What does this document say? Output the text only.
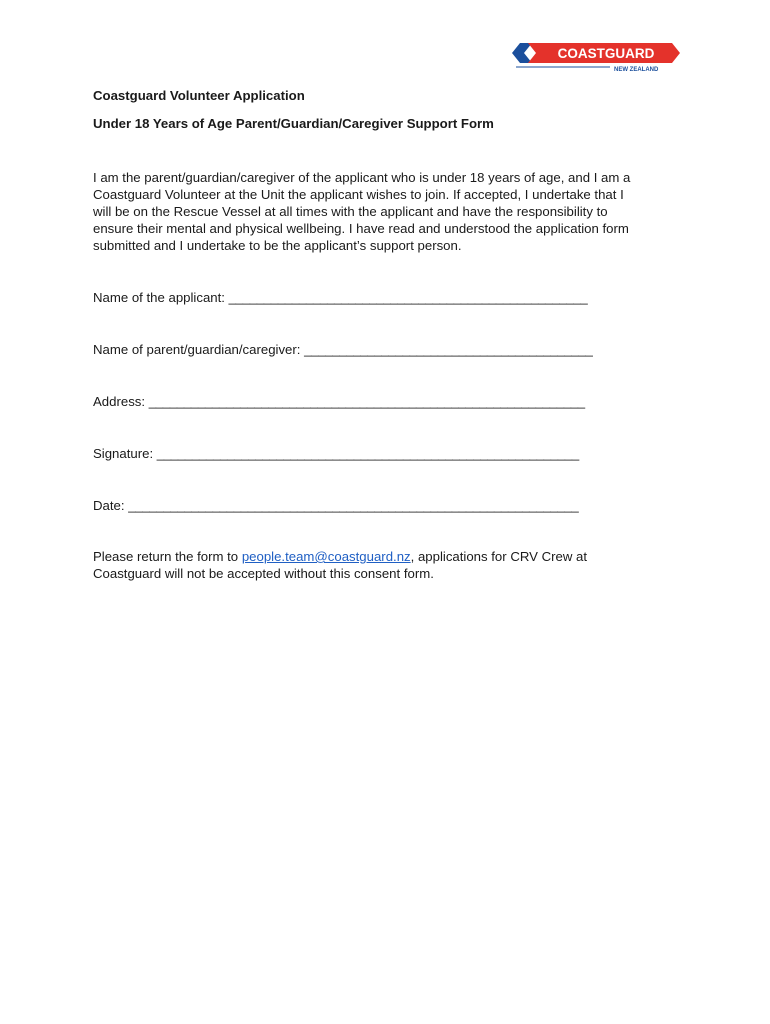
COASTGUARD
NEW ZEALAND

Coastguard Volunteer Application

Under 18 Years of Age Parent/Guardian/Caregiver Support Form

I am the parent/guardian/caregiver of the applicant who is under 18 years of age, and I am a
Coastguard Volunteer at the Unit the applicant wishes to join. If accepted, I undertake that I
will be on the Rescue Vessel at all times with the applicant and have the responsibility to
ensure their mental and physical wellbeing. I have read and understood the application form
submitted and I undertake to be the applicant’s support person.

Name of the applicant: ___________________________________________________

Name of parent/guardian/caregiver: _________________________________________

Address: ______________________________________________________________

Signature: ____________________________________________________________

Date: ________________________________________________________________

Please return the form to people.team@coastguard.nz, applications for CRV Crew at
Coastguard will not be accepted without this consent form.
